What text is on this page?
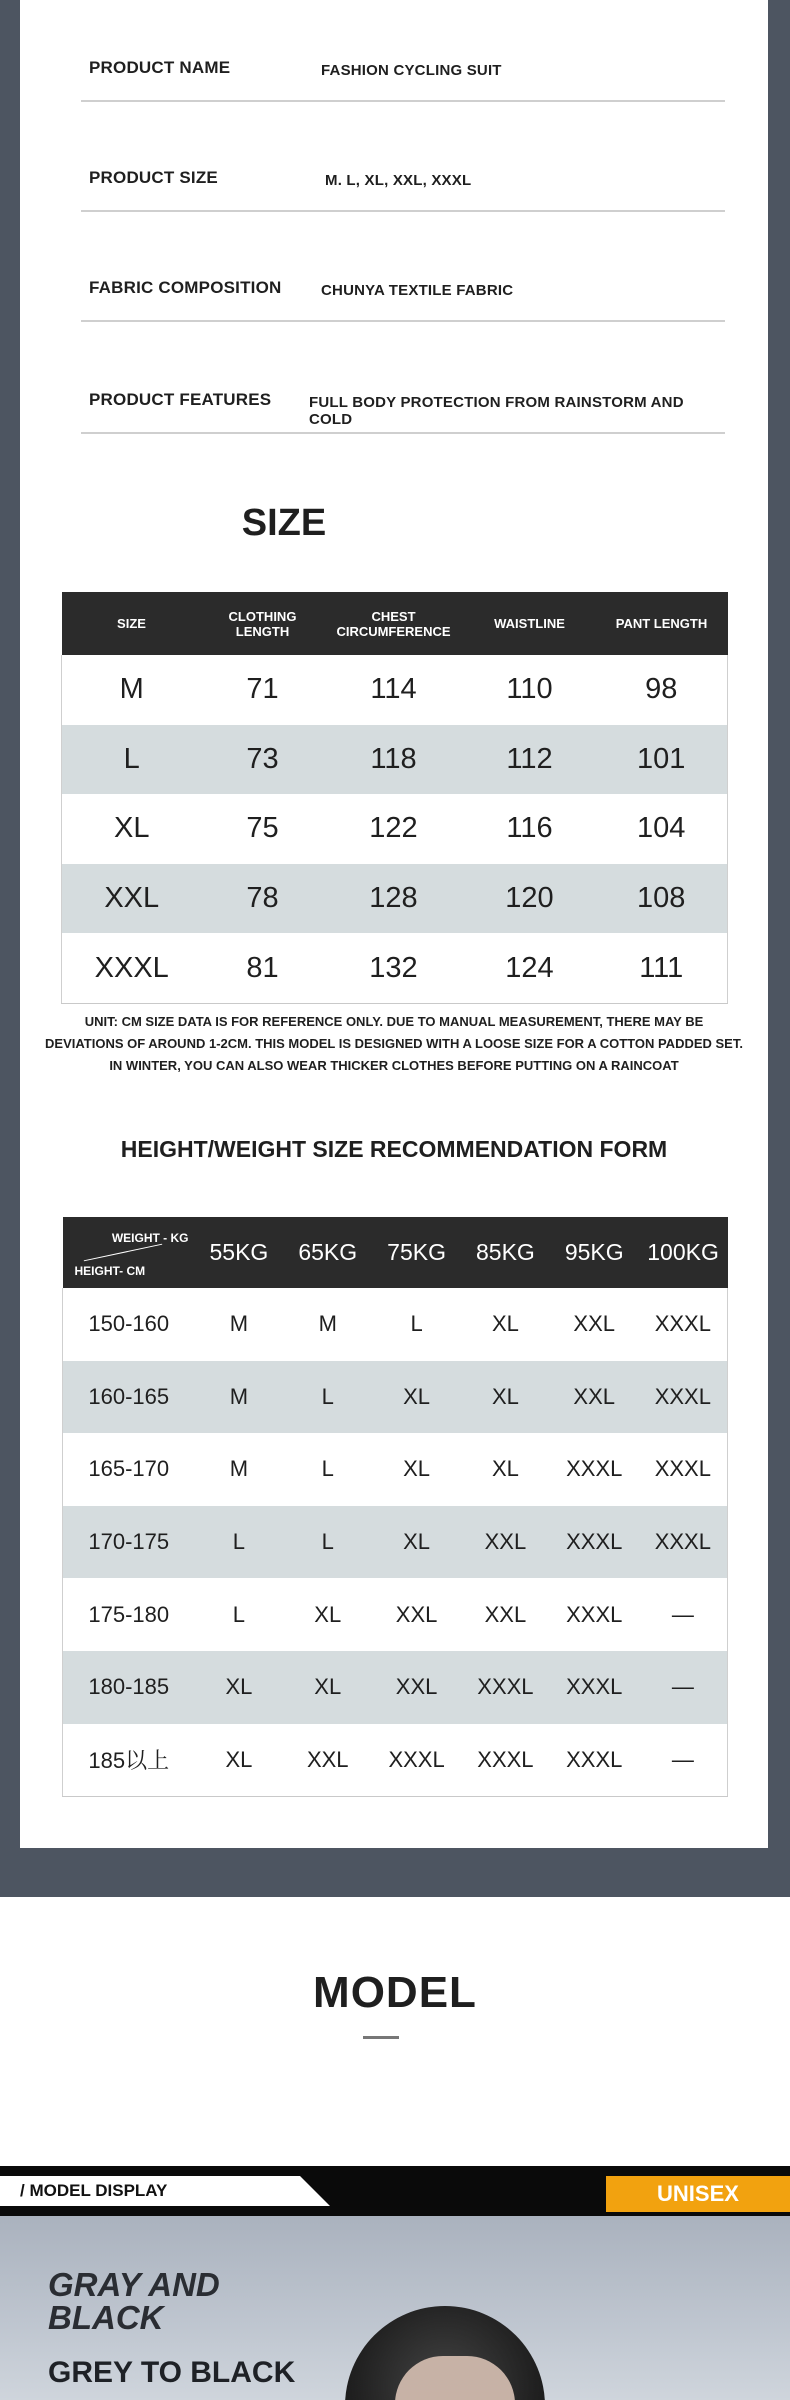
PRODUCT NAME	FASHION CYCLING SUIT
PRODUCT SIZE	M. L, XL, XXL, XXXL
FABRIC COMPOSITION	CHUNYA TEXTILE FABRIC
PRODUCT FEATURES	FULL BODY PROTECTION FROM RAINSTORM AND COLD
SIZE
SIZE	CLOTHING LENGTH	CHEST CIRCUMFERENCE	WAISTLINE	PANT LENGTH
M	71	114	110	98
L	73	118	112	101
XL	75	122	116	104
XXL	78	128	120	108
XXXL	81	132	124	111
UNIT: CM SIZE DATA IS FOR REFERENCE ONLY. DUE TO MANUAL MEASUREMENT, THERE MAY BE DEVIATIONS OF AROUND 1-2CM. THIS MODEL IS DESIGNED WITH A LOOSE SIZE FOR A COTTON PADDED SET. IN WINTER, YOU CAN ALSO WEAR THICKER CLOTHES BEFORE PUTTING ON A RAINCOAT
HEIGHT/WEIGHT SIZE RECOMMENDATION FORM
WEIGHT - KG
HEIGHT- CM	55KG	65KG	75KG	85KG	95KG	100KG
150-160	M	M	L	XL	XXL	XXXL
160-165	M	L	XL	XL	XXL	XXXL
165-170	M	L	XL	XL	XXXL	XXXL
170-175	L	L	XL	XXL	XXXL	XXXL
175-180	L	XL	XXL	XXL	XXXL	—
180-185	XL	XL	XXL	XXXL	XXXL	—
185以上	XL	XXL	XXXL	XXXL	XXXL	—
MODEL
/ MODEL DISPLAY	UNISEX
GRAY AND BLACK
GREY TO BLACK
